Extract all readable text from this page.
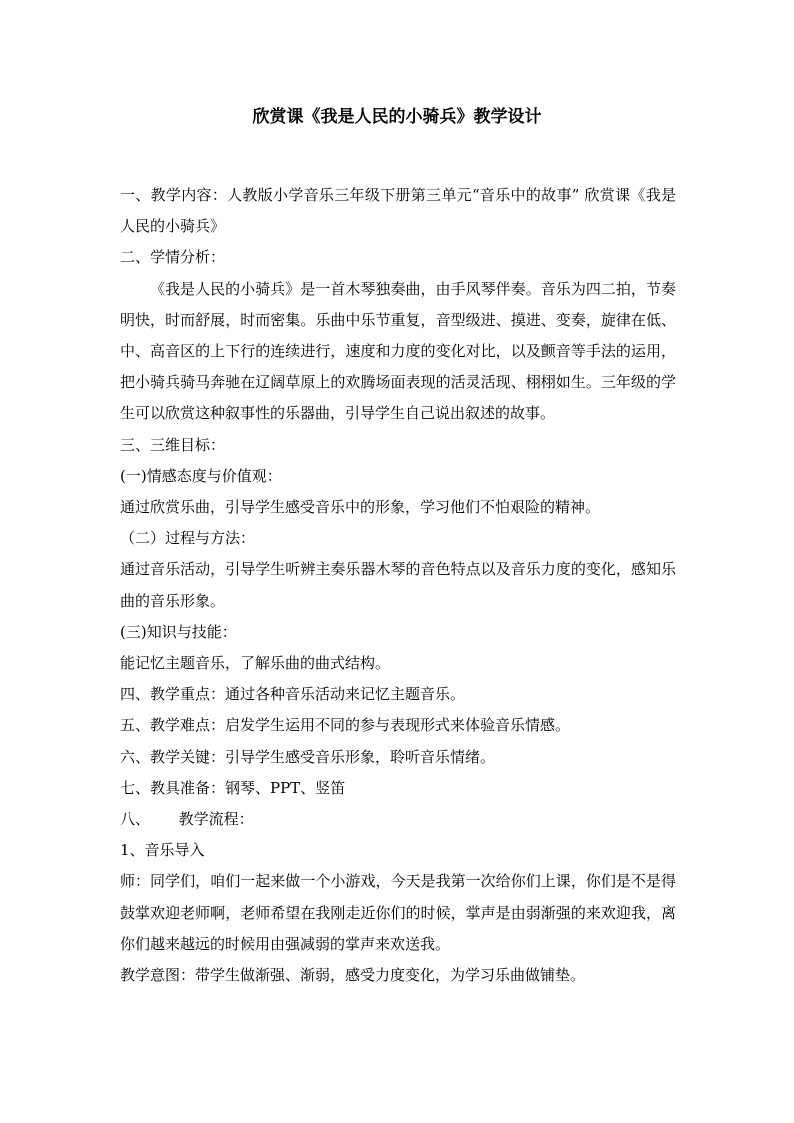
欣赏课《我是人民的小骑兵》教学设计

一、教学内容：人教版小学音乐三年级下册第三单元“音乐中的故事” 欣赏课《我是人民的小骑兵》

二、学情分析：

《我是人民的小骑兵》是一首木琴独奏曲，由手风琴伴奏。音乐为四二拍，节奏明快，时而舒展，时而密集。乐曲中乐节重复，音型级进、摸进、变奏，旋律在低、中、高音区的上下行的连续进行，速度和力度的变化对比，以及颤音等手法的运用，把小骑兵骑马奔驰在辽阔草原上的欢腾场面表现的活灵活现、栩栩如生。三年级的学生可以欣赏这种叙事性的乐器曲，引导学生自己说出叙述的故事。

三、三维目标：

(一)情感态度与价值观：

通过欣赏乐曲，引导学生感受音乐中的形象，学习他们不怕艰险的精神。

（二）过程与方法：

通过音乐活动，引导学生听辨主奏乐器木琴的音色特点以及音乐力度的变化，感知乐曲的音乐形象。

(三)知识与技能：

能记忆主题音乐，了解乐曲的曲式结构。

四、教学重点：通过各种音乐活动来记忆主题音乐。

五、教学难点：启发学生运用不同的参与表现形式来体验音乐情感。

六、教学关键：引导学生感受音乐形象，聆听音乐情绪。

七、教具准备：钢琴、PPT、竖笛

八、      教学流程：

1、音乐导入

师：同学们，咱们一起来做一个小游戏，今天是我第一次给你们上课，你们是不是得鼓掌欢迎老师啊，老师希望在我刚走近你们的时候，掌声是由弱渐强的来欢迎我，离你们越来越远的时候用由强减弱的掌声来欢送我。

教学意图：带学生做渐强、渐弱，感受力度变化，为学习乐曲做铺垫。
